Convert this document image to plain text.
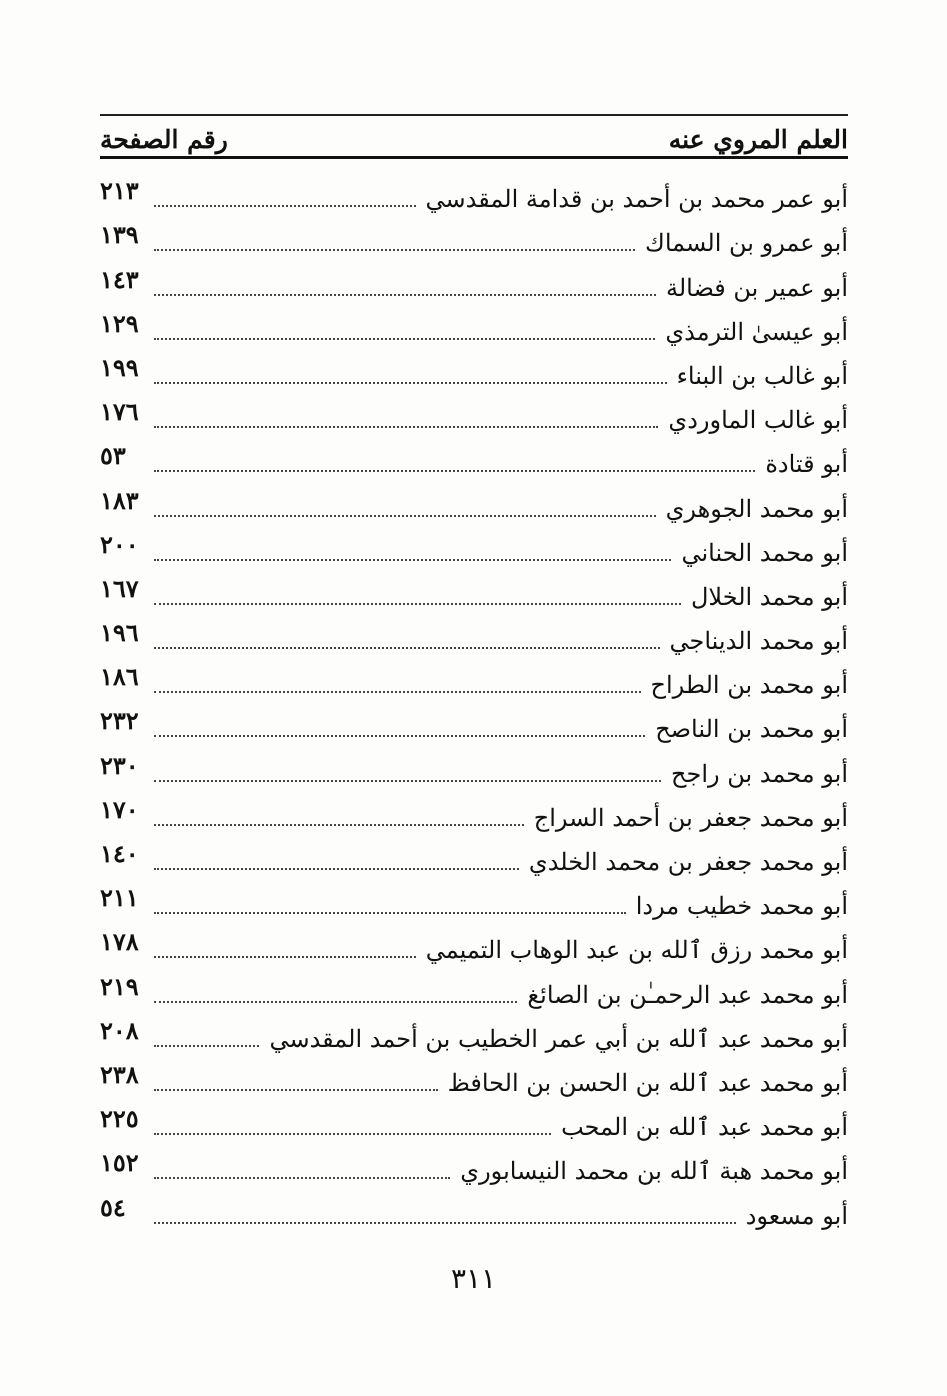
العلم المروي عنه
رقم الصفحة
أبو عمر محمد بن أحمد بن قدامة المقدسي
٢١٣
أبو عمرو بن السماك
١٣٩
أبو عمير بن فضالة
١٤٣
أبو عيسىٰ الترمذي
١٢٩
أبو غالب بن البناء
١٩٩
أبو غالب الماوردي
١٧٦
أبو قتادة
٥٣
أبو محمد الجوهري
١٨٣
أبو محمد الحناني
٢٠٠
أبو محمد الخلال
١٦٧
أبو محمد الديناجي
١٩٦
أبو محمد بن الطراح
١٨٦
أبو محمد بن الناصح
٢٣٢
أبو محمد بن راجح
٢٣٠
أبو محمد جعفر بن أحمد السراج
١٧٠
أبو محمد جعفر بن محمد الخلدي
١٤٠
أبو محمد خطيب مردا
٢١١
أبو محمد رزق ٱلله بن عبد الوهاب التميمي
١٧٨
أبو محمد عبد الرحمـٰن بن الصائغ
٢١٩
أبو محمد عبد ٱلله بن أبي عمر الخطيب بن أحمد المقدسي
٢٠٨
أبو محمد عبد ٱلله بن الحسن بن الحافظ
٢٣٨
أبو محمد عبد ٱلله بن المحب
٢٢٥
أبو محمد هبة ٱلله بن محمد النيسابوري
١٥٢
أبو مسعود
٥٤
٣١١
